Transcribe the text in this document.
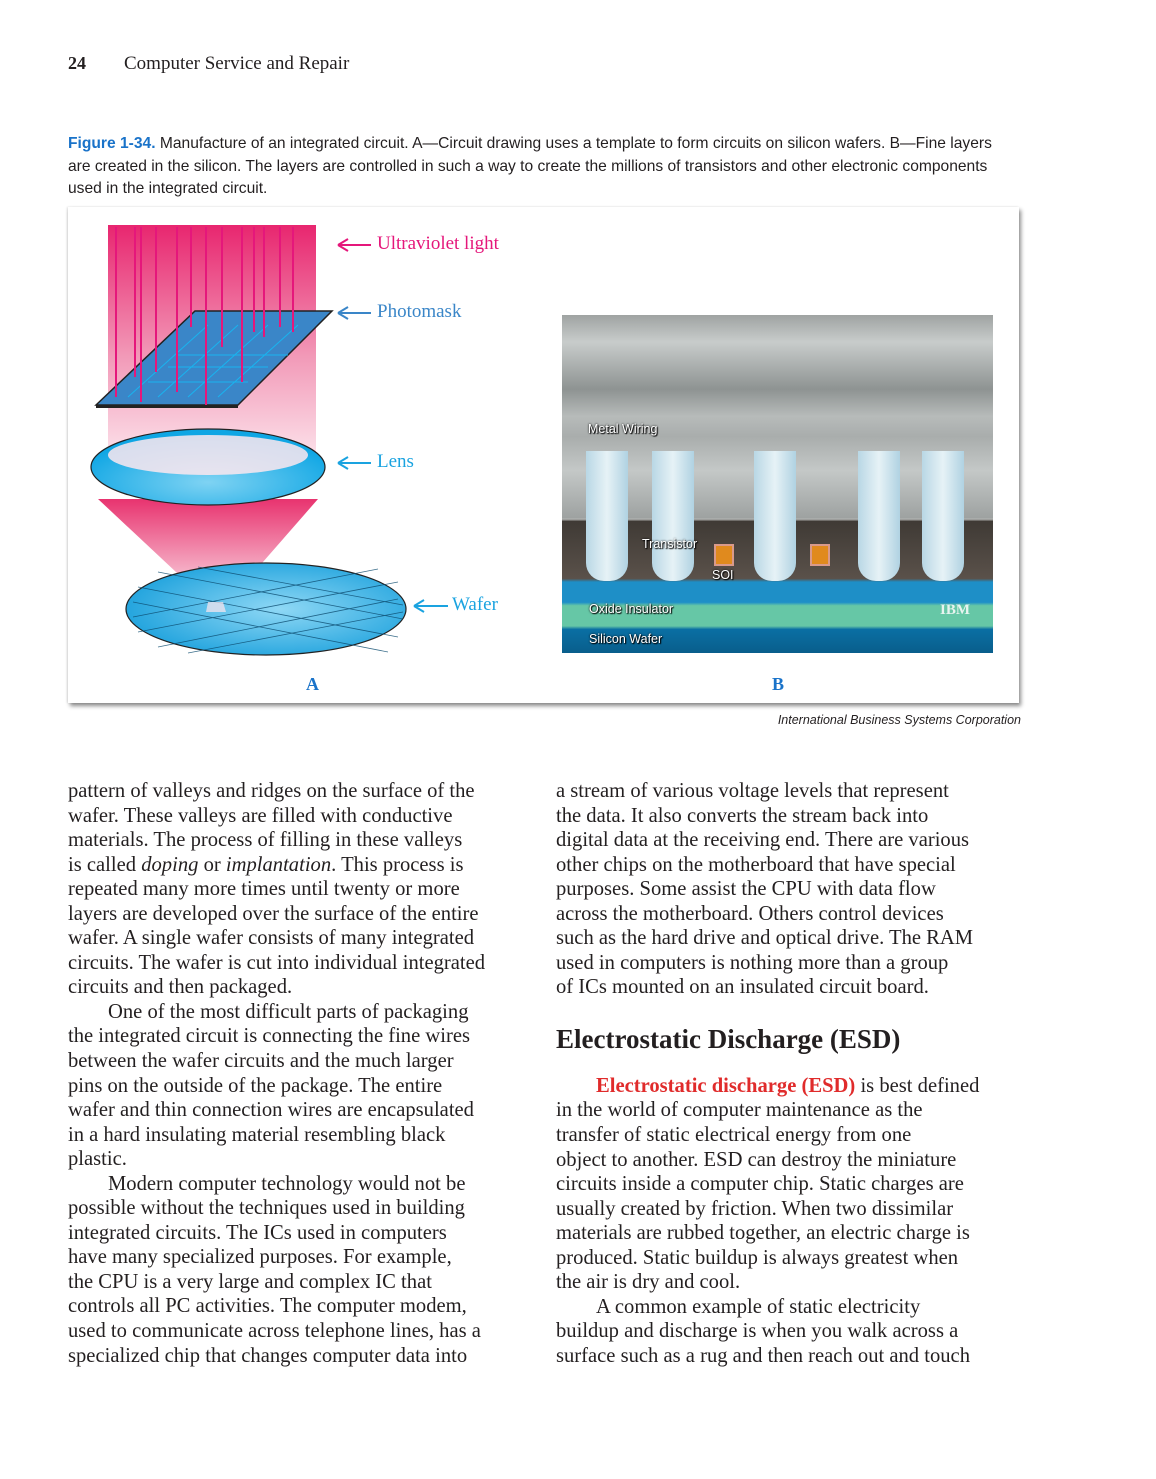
24 Computer Service and Repair
Figure 1-34. Manufacture of an integrated circuit. A—Circuit drawing uses a template to form circuits on silicon wafers. B—Fine layers are created in the silicon. The layers are controlled in such a way to create the millions of transistors and other electronic components used in the integrated circuit.
Ultraviolet light
Photomask
Lens
Wafer
A
Metal Wiring
Transistor
SOI
Oxide Insulator
Silicon Wafer
IBM
B
International Business Systems Corporation
pattern of valleys and ridges on the surface of the
wafer. These valleys are filled with conductive
materials. The process of filling in these valleys
is called doping or implantation. This process is
repeated many more times until twenty or more
layers are developed over the surface of the entire
wafer. A single wafer consists of many integrated
circuits. The wafer is cut into individual integrated
circuits and then packaged.
One of the most difficult parts of packaging
the integrated circuit is connecting the fine wires
between the wafer circuits and the much larger
pins on the outside of the package. The entire
wafer and thin connection wires are encapsulated
in a hard insulating material resembling black
plastic.
Modern computer technology would not be
possible without the techniques used in building
integrated circuits. The ICs used in computers
have many specialized purposes. For example,
the CPU is a very large and complex IC that
controls all PC activities. The computer modem,
used to communicate across telephone lines, has a
specialized chip that changes computer data into
a stream of various voltage levels that represent
the data. It also converts the stream back into
digital data at the receiving end. There are various
other chips on the motherboard that have special
purposes. Some assist the CPU with data flow
across the motherboard. Others control devices
such as the hard drive and optical drive. The RAM
used in computers is nothing more than a group
of ICs mounted on an insulated circuit board.
Electrostatic Discharge (ESD)
Electrostatic discharge (ESD) is best defined
in the world of computer maintenance as the
transfer of static electrical energy from one
object to another. ESD can destroy the miniature
circuits inside a computer chip. Static charges are
usually created by friction. When two dissimilar
materials are rubbed together, an electric charge is
produced. Static buildup is always greatest when
the air is dry and cool.
A common example of static electricity
buildup and discharge is when you walk across a
surface such as a rug and then reach out and touch
